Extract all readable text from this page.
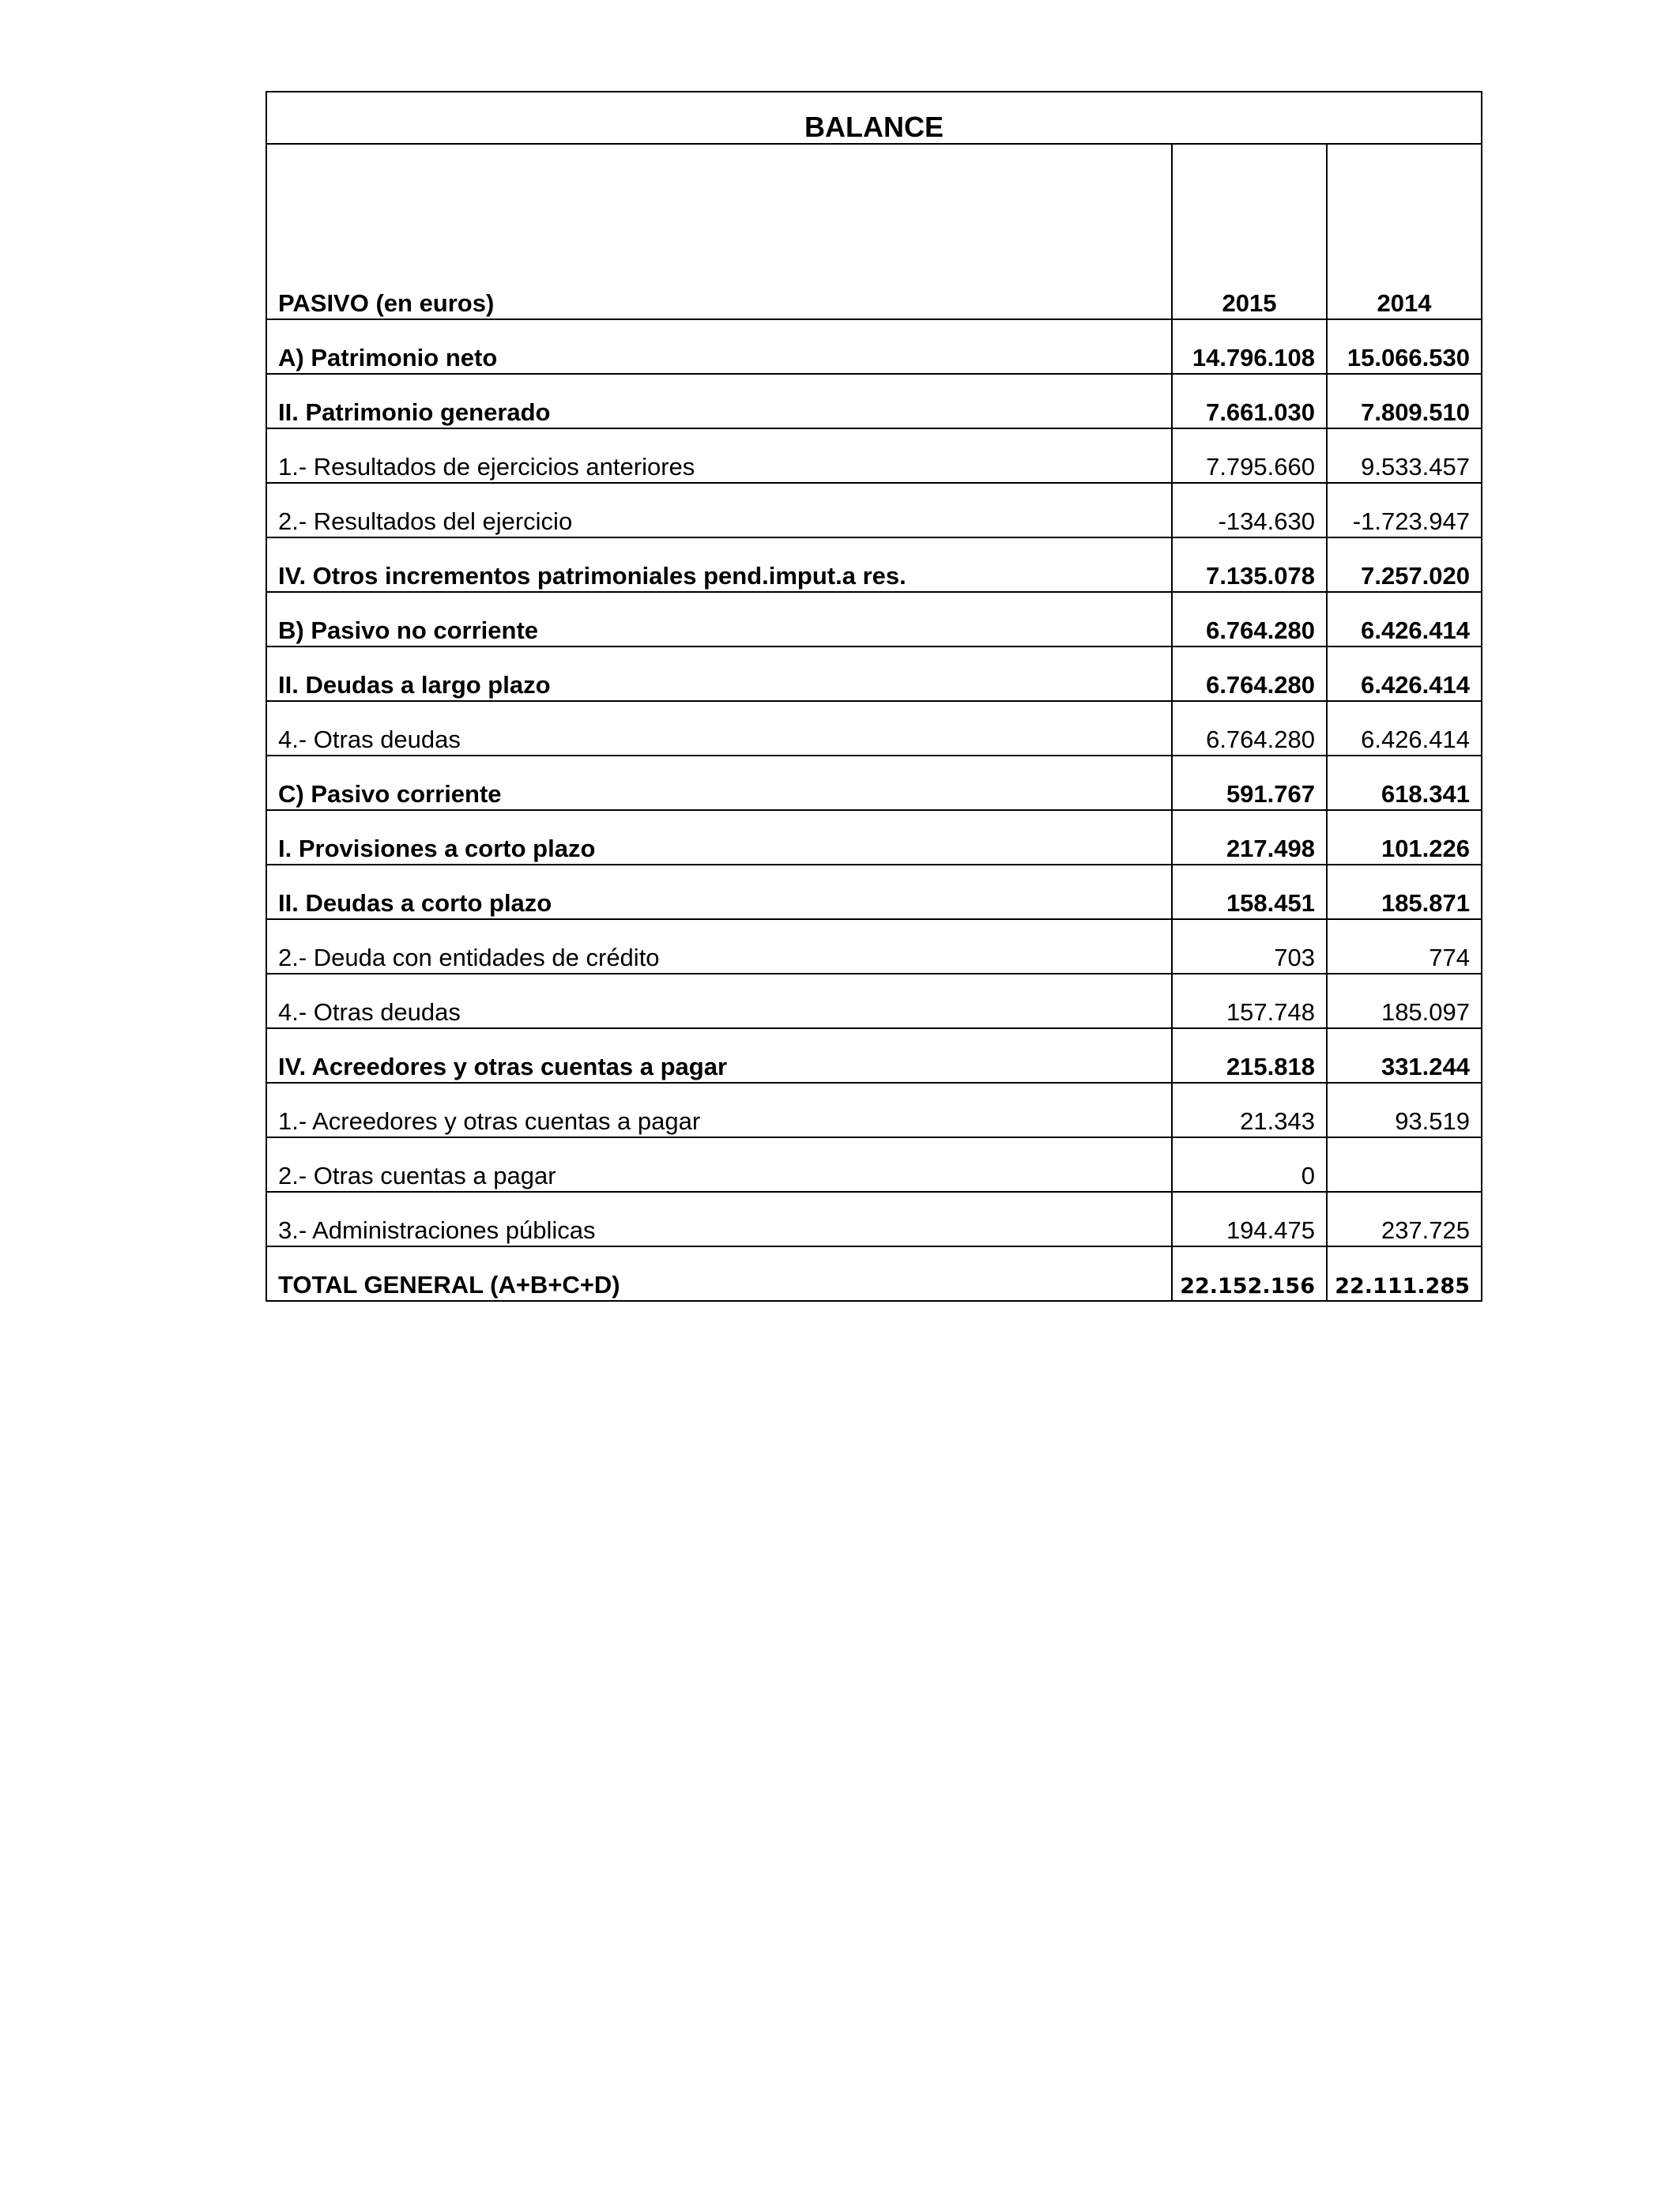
BALANCE		
PASIVO (en euros)	2015	2014
A) Patrimonio neto	14.796.108	15.066.530
II. Patrimonio generado	7.661.030	7.809.510
1.- Resultados de ejercicios anteriores	7.795.660	9.533.457
2.- Resultados del ejercicio	-134.630	-1.723.947
IV. Otros incrementos patrimoniales pend.imput.a res.	7.135.078	7.257.020
B) Pasivo no corriente	6.764.280	6.426.414
II. Deudas a largo plazo	6.764.280	6.426.414
4.- Otras deudas	6.764.280	6.426.414
C) Pasivo corriente	591.767	618.341
I. Provisiones a corto plazo	217.498	101.226
II. Deudas a corto plazo	158.451	185.871
2.- Deuda con entidades de crédito	703	774
4.- Otras deudas	157.748	185.097
IV. Acreedores y otras cuentas a pagar	215.818	331.244
1.- Acreedores y otras cuentas a pagar	21.343	93.519
2.- Otras cuentas a pagar	0	
3.- Administraciones públicas	194.475	237.725
TOTAL GENERAL (A+B+C+D)	22.152.156	22.111.285
